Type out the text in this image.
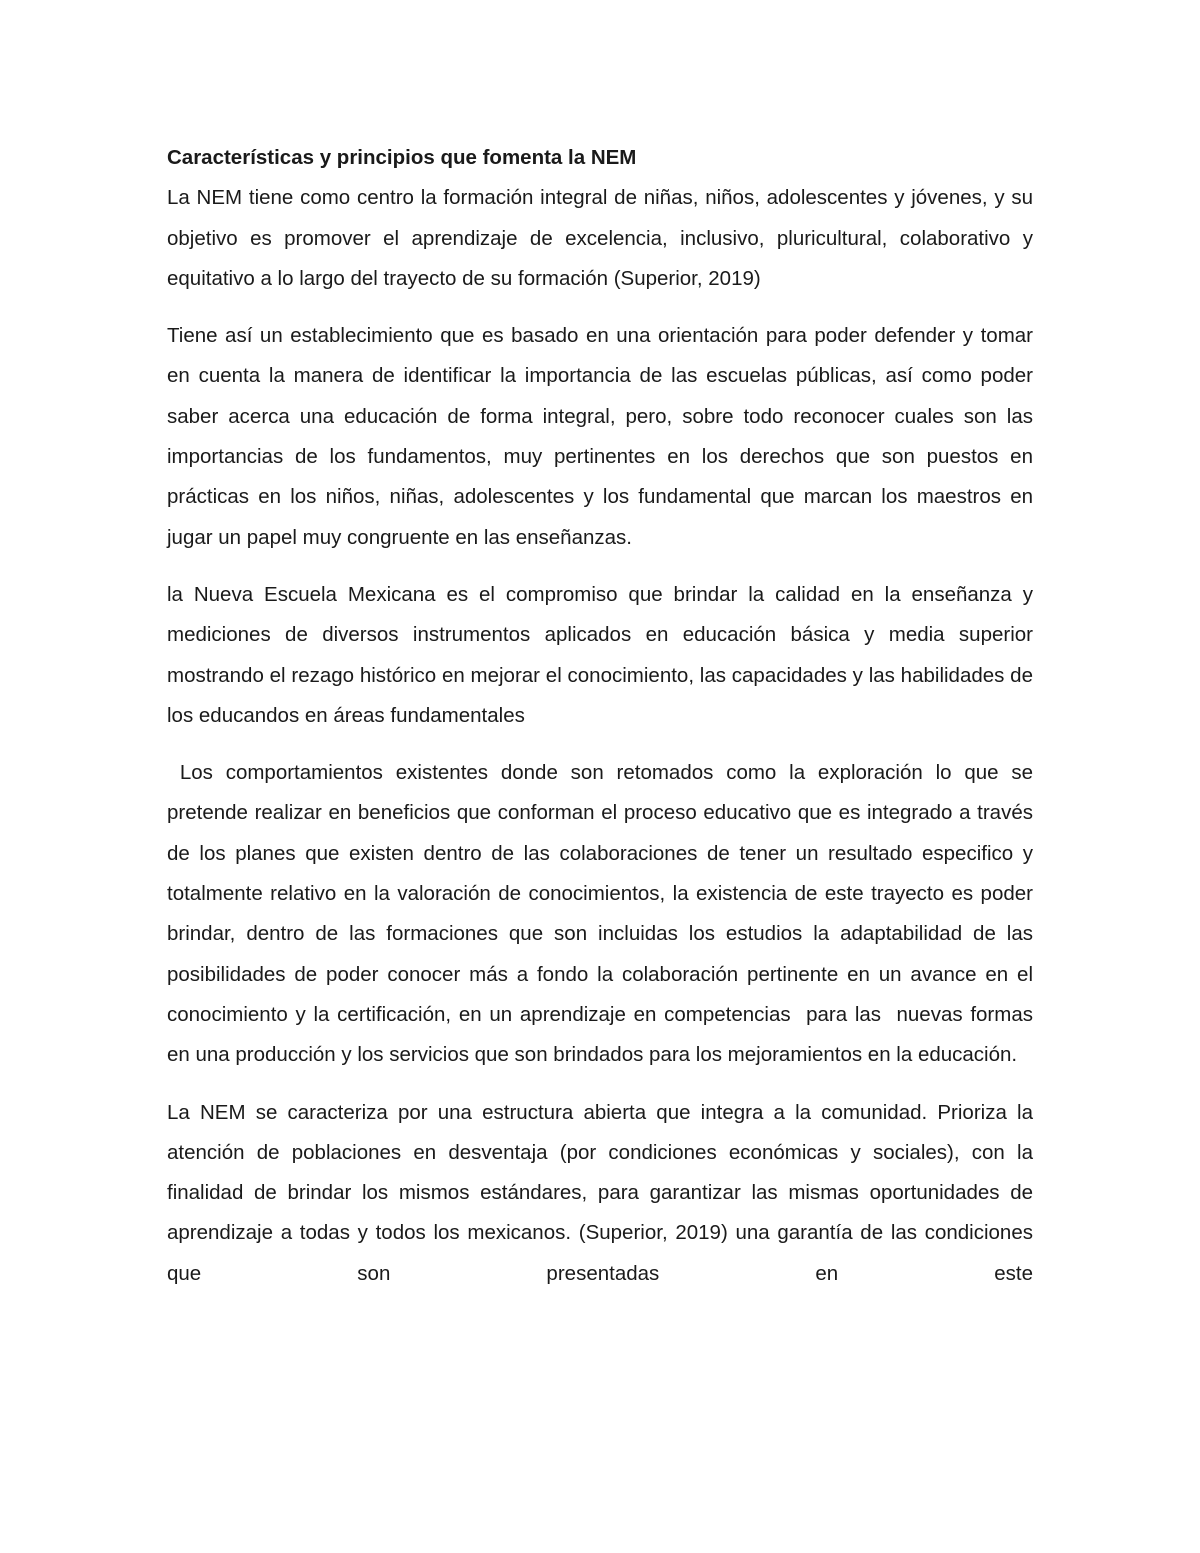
Características y principios que fomenta la NEM

La NEM tiene como centro la formación integral de niñas, niños, adolescentes y jóvenes, y su objetivo es promover el aprendizaje de excelencia, inclusivo, pluricultural, colaborativo y equitativo a lo largo del trayecto de su formación (Superior, 2019)

Tiene así un establecimiento que es basado en una orientación para poder defender y tomar en cuenta la manera de identificar la importancia de las escuelas públicas, así como poder saber acerca una educación de forma integral, pero, sobre todo reconocer cuales son las importancias de los fundamentos, muy pertinentes en los derechos que son puestos en prácticas en los niños, niñas, adolescentes y los fundamental que marcan los maestros en jugar un papel muy congruente en las enseñanzas.

la Nueva Escuela Mexicana es el compromiso que brindar la calidad en la enseñanza y mediciones de diversos instrumentos aplicados en educación básica y media superior mostrando el rezago histórico en mejorar el conocimiento, las capacidades y las habilidades de los educandos en áreas fundamentales

Los comportamientos existentes donde son retomados como la exploración lo que se pretende realizar en beneficios que conforman el proceso educativo que es integrado a través de los planes que existen dentro de las colaboraciones de tener un resultado especifico y totalmente relativo en la valoración de conocimientos, la existencia de este trayecto es poder brindar, dentro de las formaciones que son incluidas los estudios la adaptabilidad de las posibilidades de poder conocer más a fondo la colaboración pertinente en un avance en el conocimiento y la certificación, en un aprendizaje en competencias  para las  nuevas formas en una producción y los servicios que son brindados para los mejoramientos en la educación.

La NEM se caracteriza por una estructura abierta que integra a la comunidad. Prioriza la atención de poblaciones en desventaja (por condiciones económicas y sociales), con la finalidad de brindar los mismos estándares, para garantizar las mismas oportunidades de aprendizaje a todas y todos los mexicanos. (Superior, 2019) una garantía de las condiciones que son presentadas en este
